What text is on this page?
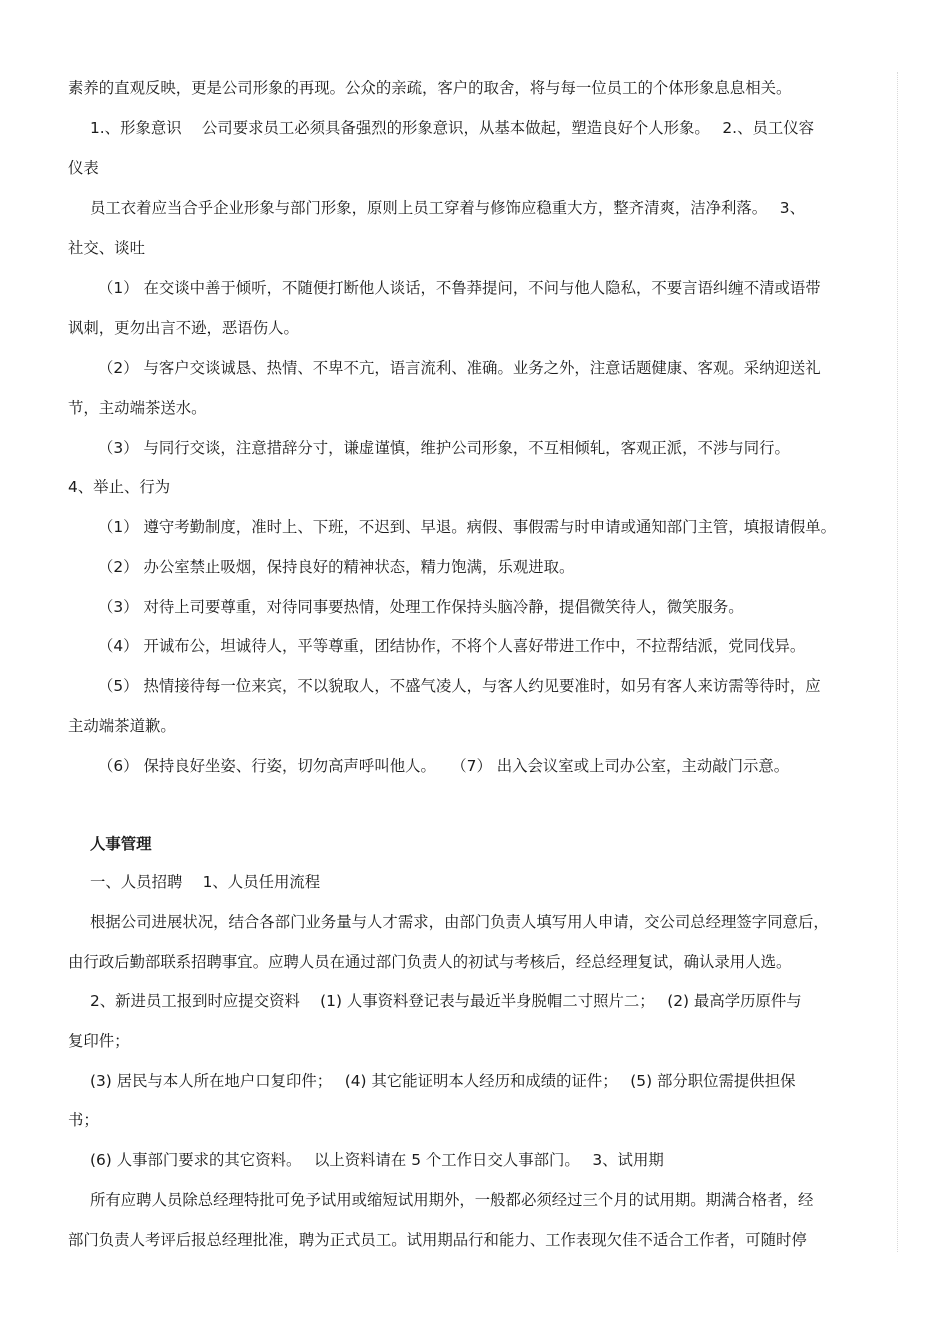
素养的直观反映，更是公司形象的再现。公众的亲疏，客户的取舍，将与每一位员工的个体形象息息相关。
1.、形象意识　 公司要求员工必须具备强烈的形象意识，从基本做起，塑造良好个人形象。　 2.、员工仪容
仪表
员工衣着应当合乎企业形象与部门形象，原则上员工穿着与修饰应稳重大方，整齐清爽，洁净利落。　 3、
社交、谈吐
（1） 在交谈中善于倾听，不随便打断他人谈话，不鲁莽提问，不问与他人隐私，不要言语纠缠不清或语带
讽刺，更勿出言不逊，恶语伤人。
（2） 与客户交谈诚恳、热情、不卑不亢，语言流利、准确。业务之外，注意话题健康、客观。采纳迎送礼
节，主动端茶送水。
（3） 与同行交谈，注意措辞分寸，谦虚谨慎，维护公司形象，不互相倾轧，客观正派，不涉与同行。
4、举止、行为
（1） 遵守考勤制度，准时上、下班，不迟到、早退。病假、事假需与时申请或通知部门主管，填报请假单。
（2） 办公室禁止吸烟，保持良好的精神状态，精力饱满，乐观进取。
（3） 对待上司要尊重，对待同事要热情，处理工作保持头脑冷静，提倡微笑待人，微笑服务。
（4） 开诚布公，坦诚待人，平等尊重，团结协作，不将个人喜好带进工作中，不拉帮结派，党同伐异。
（5） 热情接待每一位来宾，不以貌取人，不盛气凌人，与客人约见要准时，如另有客人来访需等待时，应
主动端茶道歉。
（6） 保持良好坐姿、行姿，切勿高声呼叫他人。　　（7） 出入会议室或上司办公室，主动敲门示意。
人事管理
一、人员招聘　 1、人员任用流程
根据公司进展状况，结合各部门业务量与人才需求，由部门负责人填写用人申请，交公司总经理签字同意后，
由行政后勤部联系招聘事宜。应聘人员在通过部门负责人的初试与考核后，经总经理复试，确认录用人选。
2、新进员工报到时应提交资料　 (1) 人事资料登记表与最近半身脱帽二寸照片二；　 (2) 最高学历原件与
复印件；
(3) 居民与本人所在地户口复印件；　 (4) 其它能证明本人经历和成绩的证件；　 (5) 部分职位需提供担保
书；
(6) 人事部门要求的其它资料。　 以上资料请在 5 个工作日交人事部门。　 3、试用期
所有应聘人员除总经理特批可免予试用或缩短试用期外，一般都必须经过三个月的试用期。期满合格者，经
部门负责人考评后报总经理批准，聘为正式员工。试用期品行和能力、工作表现欠佳不适合工作者，可随时停
